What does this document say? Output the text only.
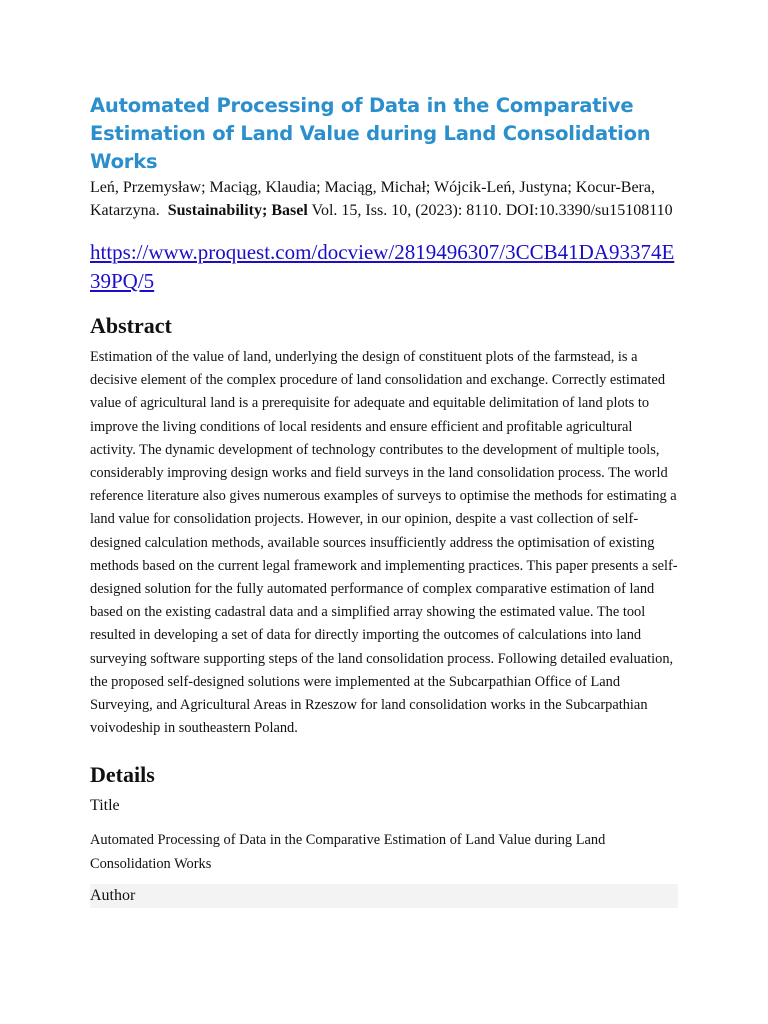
Automated Processing of Data in the Comparative Estimation of Land Value during Land Consolidation Works

Leń, Przemysław; Maciąg, Klaudia; Maciąg, Michał; Wójcik-Leń, Justyna; Kocur-Bera, Katarzyna. Sustainability; Basel Vol. 15, Iss. 10, (2023): 8110. DOI:10.3390/su15108110

https://www.proquest.com/docview/2819496307/3CCB41DA93374E39PQ/5
Abstract

Estimation of the value of land, underlying the design of constituent plots of the farmstead, is a decisive element of the complex procedure of land consolidation and exchange. Correctly estimated value of agricultural land is a prerequisite for adequate and equitable delimitation of land plots to improve the living conditions of local residents and ensure efficient and profitable agricultural activity. The dynamic development of technology contributes to the development of multiple tools, considerably improving design works and field surveys in the land consolidation process. The world reference literature also gives numerous examples of surveys to optimise the methods for estimating a land value for consolidation projects. However, in our opinion, despite a vast collection of self-designed calculation methods, available sources insufficiently address the optimisation of existing methods based on the current legal framework and implementing practices. This paper presents a self-designed solution for the fully automated performance of complex comparative estimation of land based on the existing cadastral data and a simplified array showing the estimated value. The tool resulted in developing a set of data for directly importing the outcomes of calculations into land surveying software supporting steps of the land consolidation process. Following detailed evaluation, the proposed self-designed solutions were implemented at the Subcarpathian Office of Land Surveying, and Agricultural Areas in Rzeszow for land consolidation works in the Subcarpathian voivodeship in southeastern Poland.

Details
Title
Automated Processing of Data in the Comparative Estimation of Land Value during Land Consolidation Works
Author
